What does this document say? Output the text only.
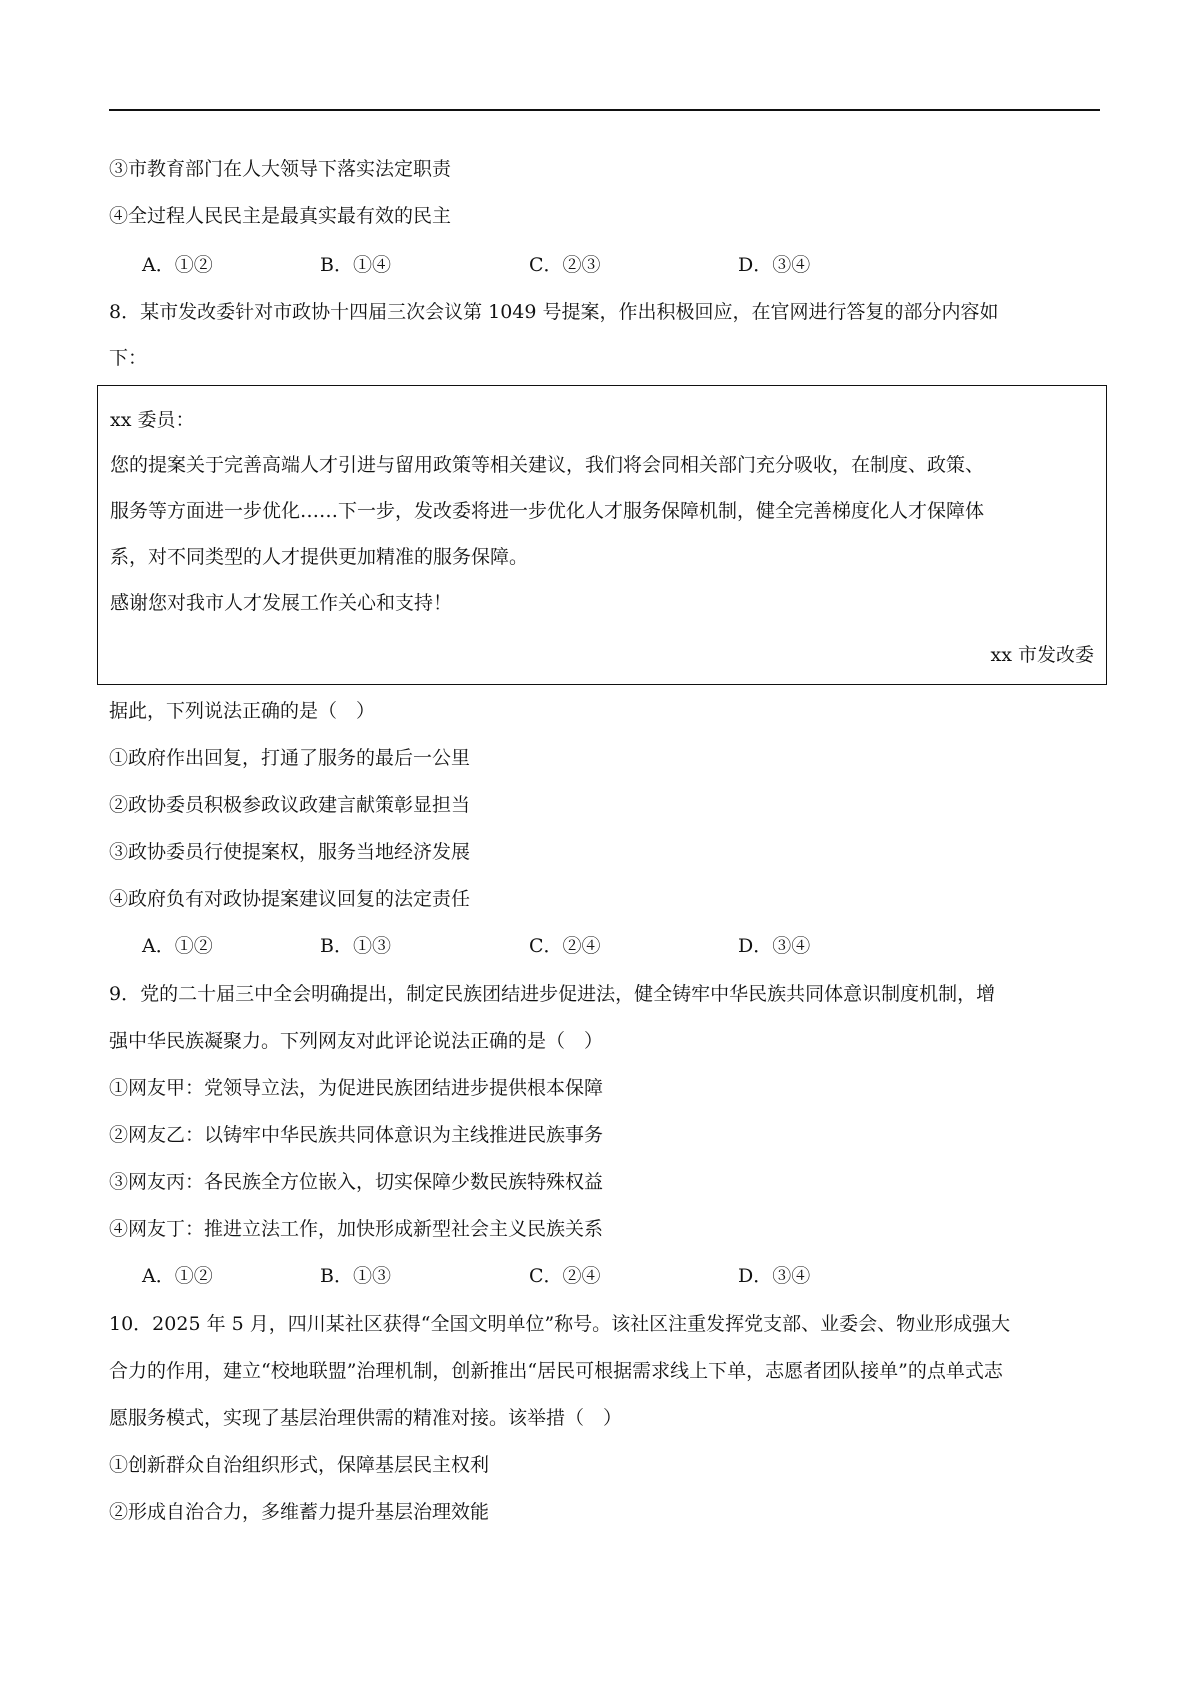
③市教育部门在人大领导下落实法定职责
④全过程人民民主是最真实最有效的民主
A．①②	B．①④	C．②③	D．③④
8．某市发改委针对市政协十四届三次会议第 1049 号提案，作出积极回应，在官网进行答复的部分内容如
下：
xx 委员：
您的提案关于完善高端人才引进与留用政策等相关建议，我们将会同相关部门充分吸收，在制度、政策、
服务等方面进一步优化……下一步，发改委将进一步优化人才服务保障机制，健全完善梯度化人才保障体
系，对不同类型的人才提供更加精准的服务保障。
感谢您对我市人才发展工作关心和支持！
xx 市发改委
据此，下列说法正确的是（　）
①政府作出回复，打通了服务的最后一公里
②政协委员积极参政议政建言献策彰显担当
③政协委员行使提案权，服务当地经济发展
④政府负有对政协提案建议回复的法定责任
A．①②	B．①③	C．②④	D．③④
9．党的二十届三中全会明确提出，制定民族团结进步促进法，健全铸牢中华民族共同体意识制度机制，增
强中华民族凝聚力。下列网友对此评论说法正确的是（　）
①网友甲：党领导立法，为促进民族团结进步提供根本保障
②网友乙：以铸牢中华民族共同体意识为主线推进民族事务
③网友丙：各民族全方位嵌入，切实保障少数民族特殊权益
④网友丁：推进立法工作，加快形成新型社会主义民族关系
A．①②	B．①③	C．②④	D．③④
10．2025 年 5 月，四川某社区获得“全国文明单位”称号。该社区注重发挥党支部、业委会、物业形成强大
合力的作用，建立“校地联盟”治理机制，创新推出“居民可根据需求线上下单，志愿者团队接单”的点单式志
愿服务模式，实现了基层治理供需的精准对接。该举措（　）
①创新群众自治组织形式，保障基层民主权利
②形成自治合力，多维蓄力提升基层治理效能
